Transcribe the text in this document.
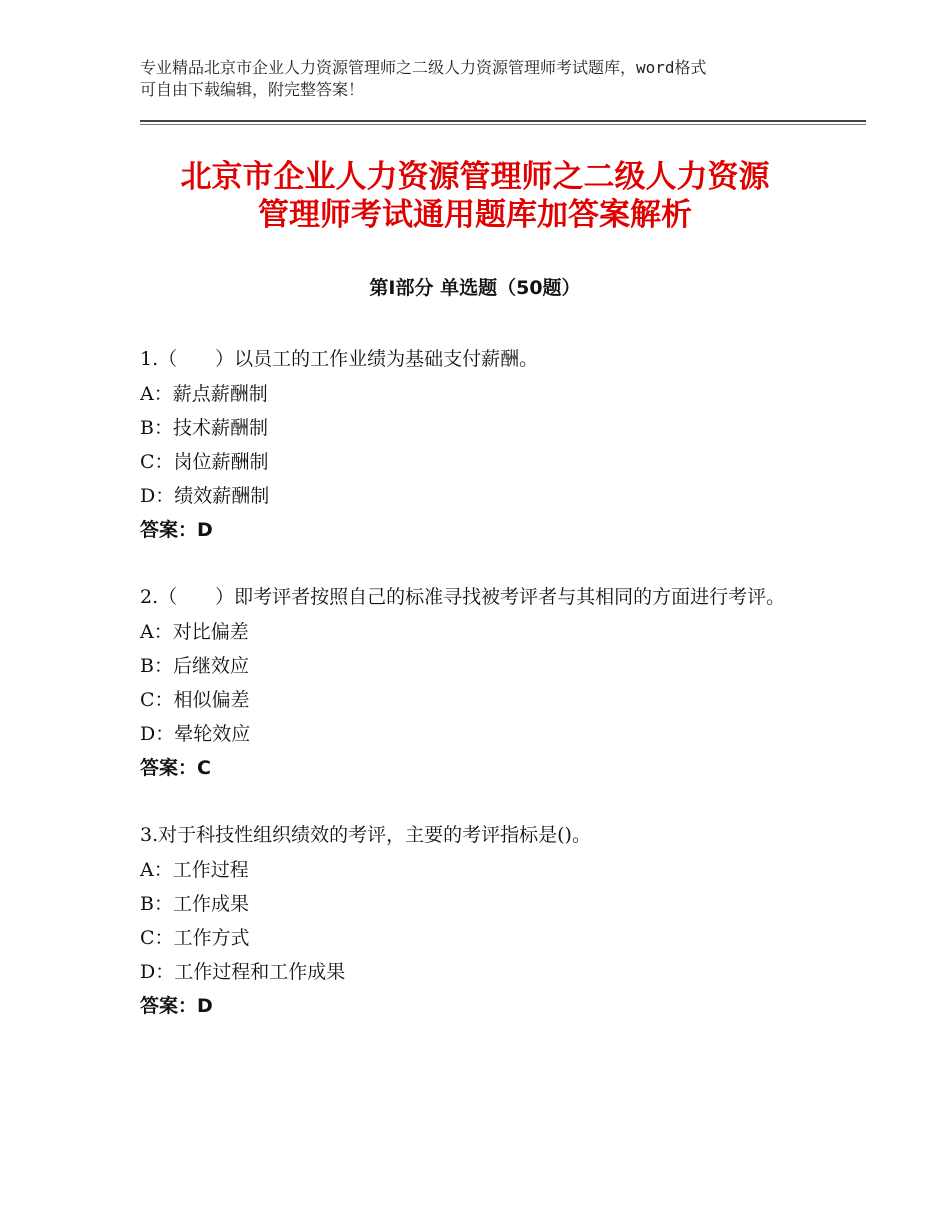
专业精品北京市企业人力资源管理师之二级人力资源管理师考试题库，word格式
可自由下载编辑，附完整答案！
北京市企业人力资源管理师之二级人力资源
管理师考试通用题库加答案解析
第Ⅰ部分 单选题（50题）
1.（　　）以员工的工作业绩为基础支付薪酬。
A：薪点薪酬制
B：技术薪酬制
C：岗位薪酬制
D：绩效薪酬制
答案：D
2.（　　）即考评者按照自己的标准寻找被考评者与其相同的方面进行考评。
A：对比偏差
B：后继效应
C：相似偏差
D：晕轮效应
答案：C
3.对于科技性组织绩效的考评，主要的考评指标是()。
A：工作过程
B：工作成果
C：工作方式
D：工作过程和工作成果
答案：D
